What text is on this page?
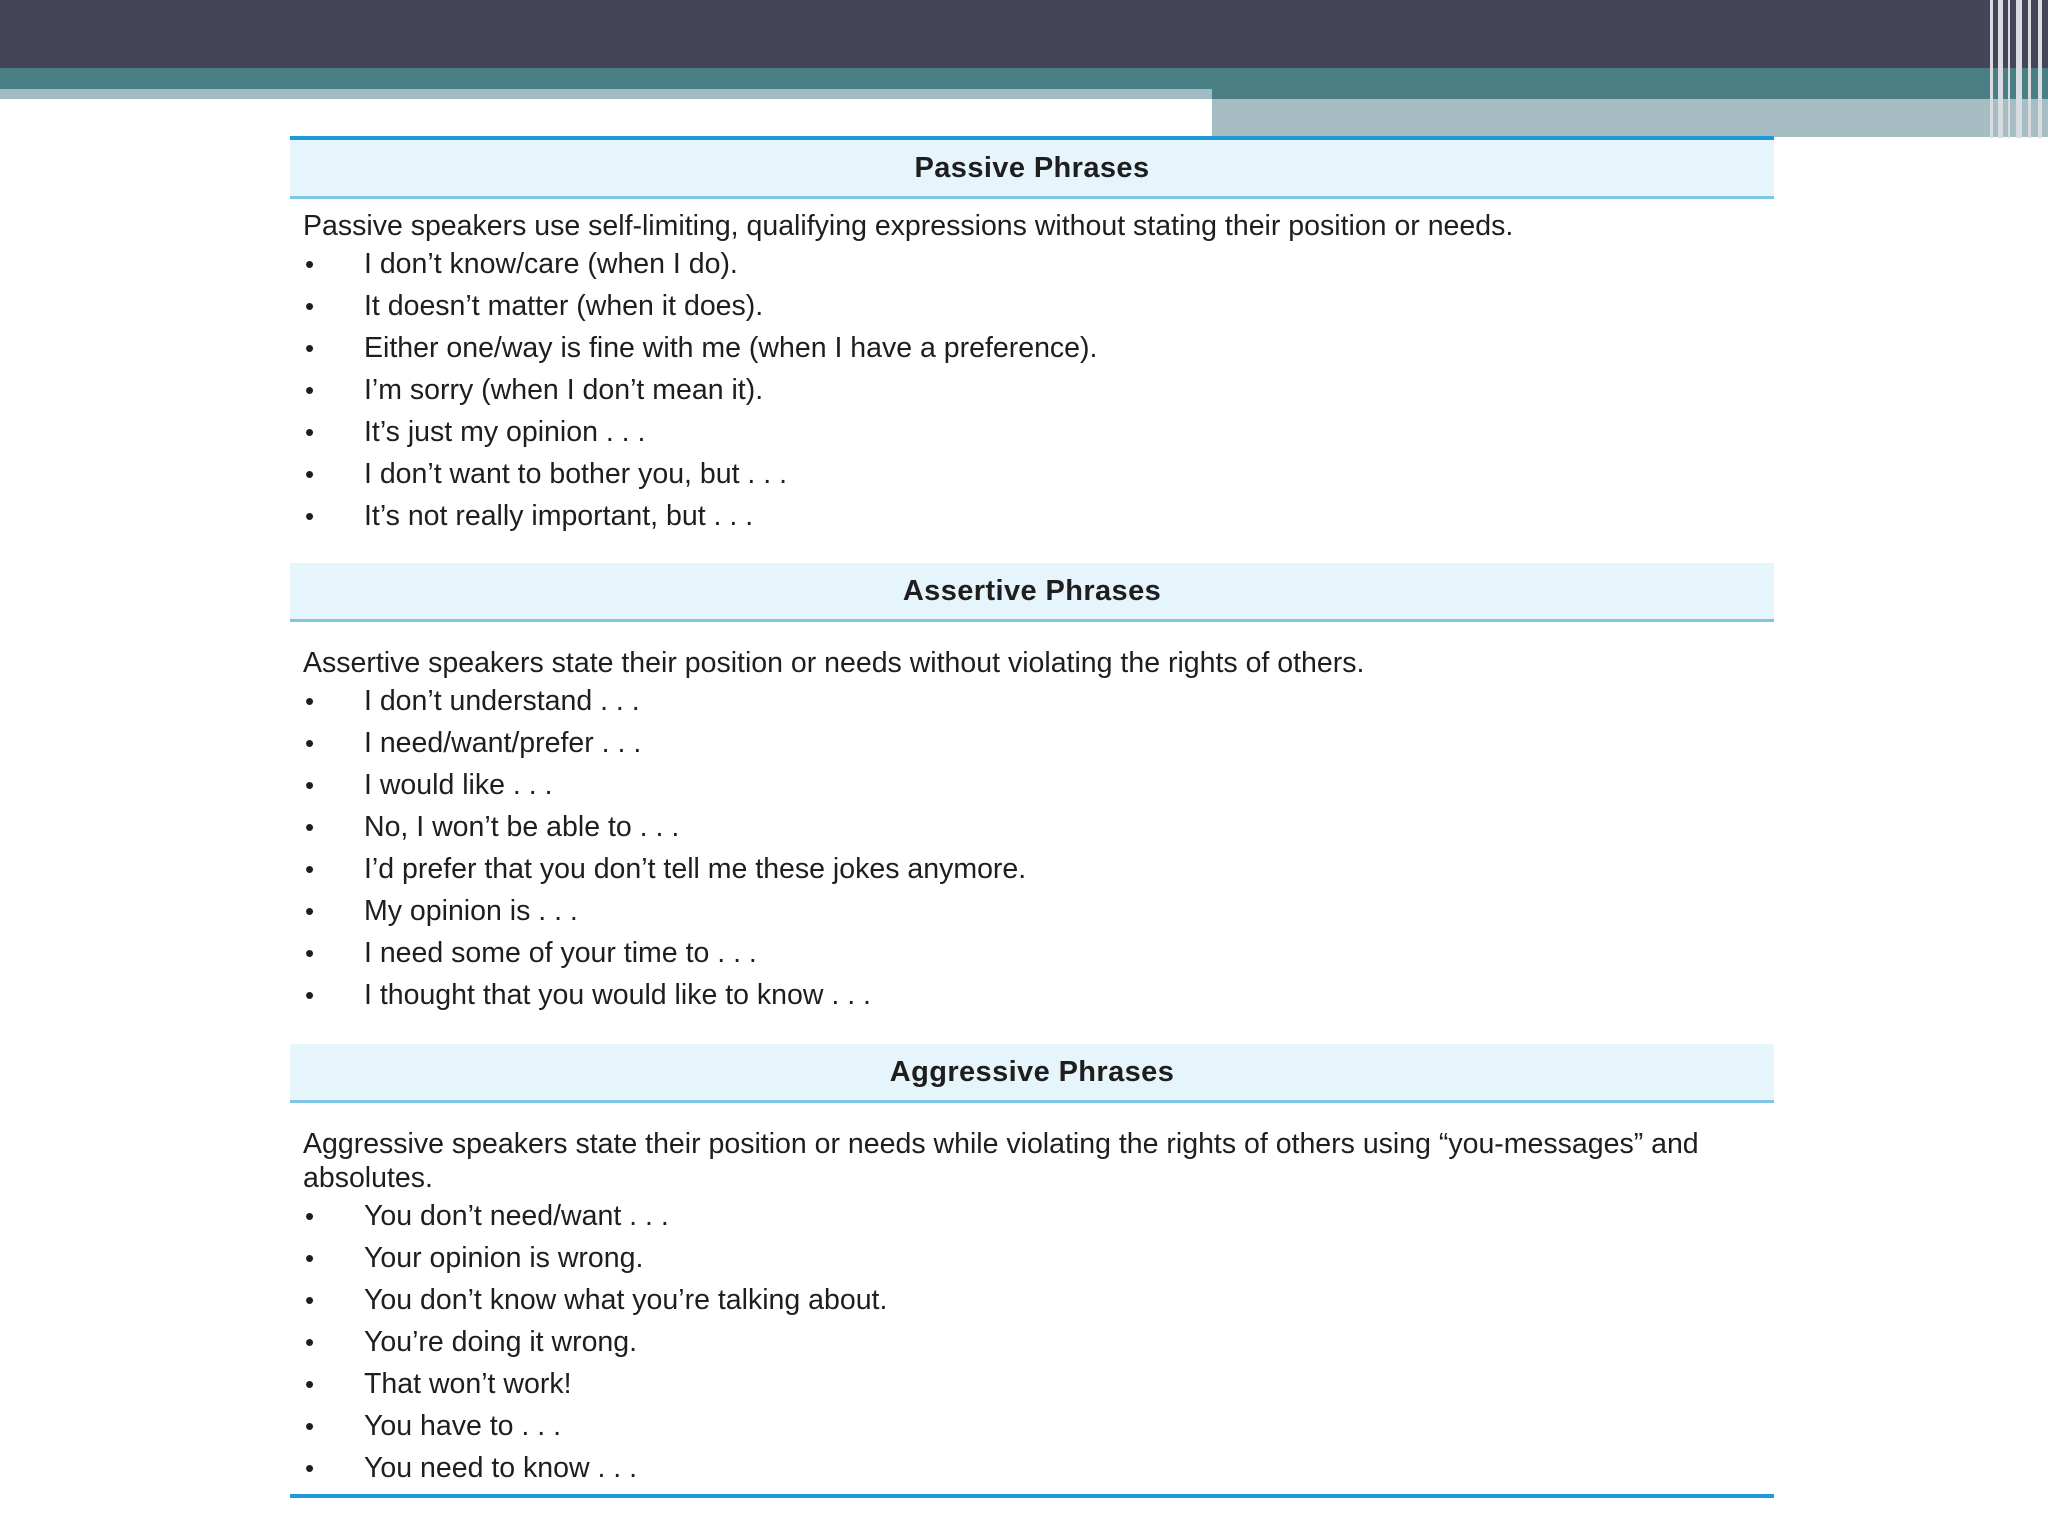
Passive Phrases
Passive speakers use self-limiting, qualifying expressions without stating their position or needs.
• I don’t know/care (when I do).
• It doesn’t matter (when it does).
• Either one/way is fine with me (when I have a preference).
• I’m sorry (when I don’t mean it).
• It’s just my opinion . . .
• I don’t want to bother you, but . . .
• It’s not really important, but . . .
Assertive Phrases
Assertive speakers state their position or needs without violating the rights of others.
• I don’t understand . . .
• I need/want/prefer . . .
• I would like . . .
• No, I won’t be able to . . .
• I’d prefer that you don’t tell me these jokes anymore.
• My opinion is . . .
• I need some of your time to . . .
• I thought that you would like to know . . .
Aggressive Phrases
Aggressive speakers state their position or needs while violating the rights of others using “you-messages” and absolutes.
• You don’t need/want . . .
• Your opinion is wrong.
• You don’t know what you’re talking about.
• You’re doing it wrong.
• That won’t work!
• You have to . . .
• You need to know . . .
